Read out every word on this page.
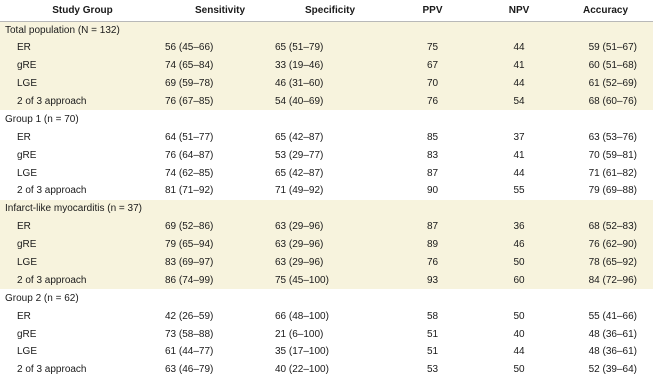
Study Group	Sensitivity	Specificity	PPV	NPV	Accuracy
Total population (N = 132)					
ER	56 (45–66)	65 (51–79)	75	44	59 (51–67)
gRE	74 (65–84)	33 (19–46)	67	41	60 (51–68)
LGE	69 (59–78)	46 (31–60)	70	44	61 (52–69)
2 of 3 approach	76 (67–85)	54 (40–69)	76	54	68 (60–76)
Group 1 (n = 70)					
ER	64 (51–77)	65 (42–87)	85	37	63 (53–76)
gRE	76 (64–87)	53 (29–77)	83	41	70 (59–81)
LGE	74 (62–85)	65 (42–87)	87	44	71 (61–82)
2 of 3 approach	81 (71–92)	71 (49–92)	90	55	79 (69–88)
Infarct-like myocarditis (n = 37)					
ER	69 (52–86)	63 (29–96)	87	36	68 (52–83)
gRE	79 (65–94)	63 (29–96)	89	46	76 (62–90)
LGE	83 (69–97)	63 (29–96)	76	50	78 (65–92)
2 of 3 approach	86 (74–99)	75 (45–100)	93	60	84 (72–96)
Group 2 (n = 62)					
ER	42 (26–59)	66 (48–100)	58	50	55 (41–66)
gRE	73 (58–88)	21 (6–100)	51	40	48 (36–61)
LGE	61 (44–77)	35 (17–100)	51	44	48 (36–61)
2 of 3 approach	63 (46–79)	40 (22–100)	53	50	52 (39–64)
